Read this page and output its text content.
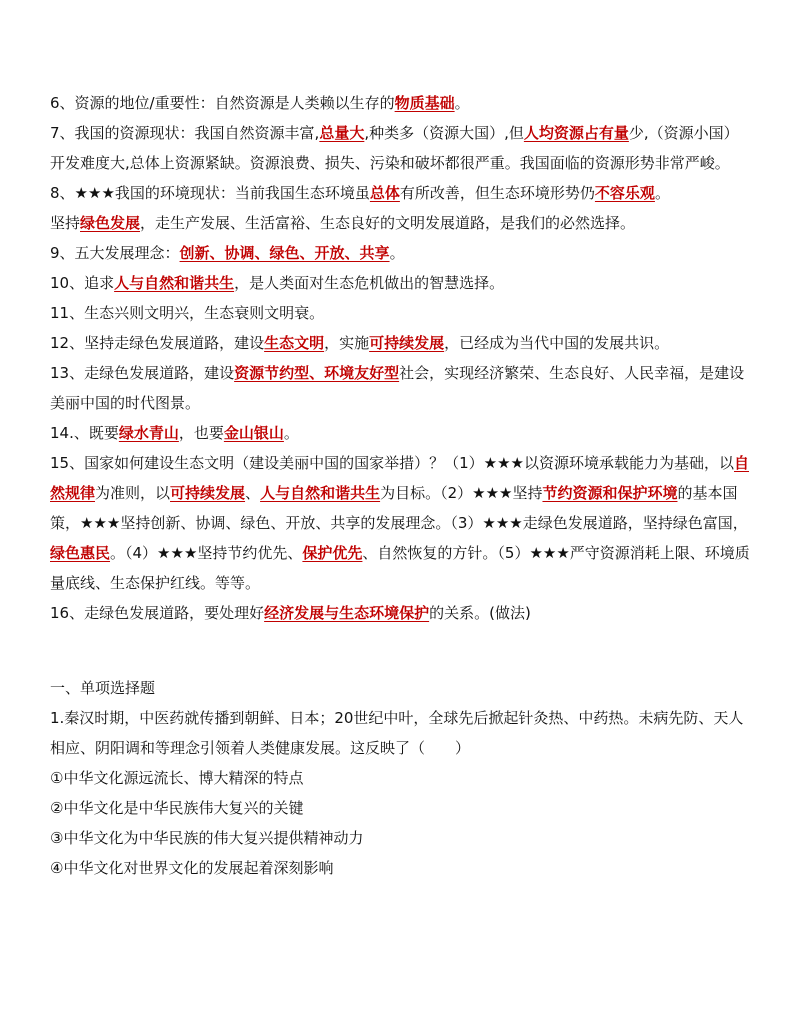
6、资源的地位/重要性：自然资源是人类赖以生存的物质基础。

7、我国的资源现状：我国自然资源丰富,总量大,种类多（资源大国）,但人均资源占有量少,（资源小国）开发难度大,总体上资源紧缺。资源浪费、损失、污染和破坏都很严重。我国面临的资源形势非常严峻。

8、★★★我国的环境现状：当前我国生态环境虽总体有所改善，但生态环境形势仍不容乐观。

坚持绿色发展，走生产发展、生活富裕、生态良好的文明发展道路，是我们的必然选择。

9、五大发展理念：创新、协调、绿色、开放、共享。

10、追求人与自然和谐共生，是人类面对生态危机做出的智慧选择。

11、生态兴则文明兴，生态衰则文明衰。

12、坚持走绿色发展道路，建设生态文明，实施可持续发展，已经成为当代中国的发展共识。

13、走绿色发展道路，建设资源节约型、环境友好型社会，实现经济繁荣、生态良好、人民幸福，是建设美丽中国的时代图景。

14.、既要绿水青山，也要金山银山。

15、国家如何建设生态文明（建设美丽中国的国家举措）？（1）★★★以资源环境承载能力为基础，以自然规律为准则，以可持续发展、人与自然和谐共生为目标。（2）★★★坚持节约资源和保护环境的基本国策，★★★坚持创新、协调、绿色、开放、共享的发展理念。（3）★★★走绿色发展道路，坚持绿色富国，绿色惠民。（4）★★★坚持节约优先、保护优先、自然恢复的方针。（5）★★★严守资源消耗上限、环境质量底线、生态保护红线。等等。

16、走绿色发展道路，要处理好经济发展与生态环境保护的关系。(做法)

一、单项选择题

1.秦汉时期，中医药就传播到朝鲜、日本；20世纪中叶，全球先后掀起针灸热、中药热。未病先防、天人相应、阴阳调和等理念引领着人类健康发展。这反映了（　　）

①中华文化源远流长、博大精深的特点

②中华文化是中华民族伟大复兴的关键

③中华文化为中华民族的伟大复兴提供精神动力

④中华文化对世界文化的发展起着深刻影响
